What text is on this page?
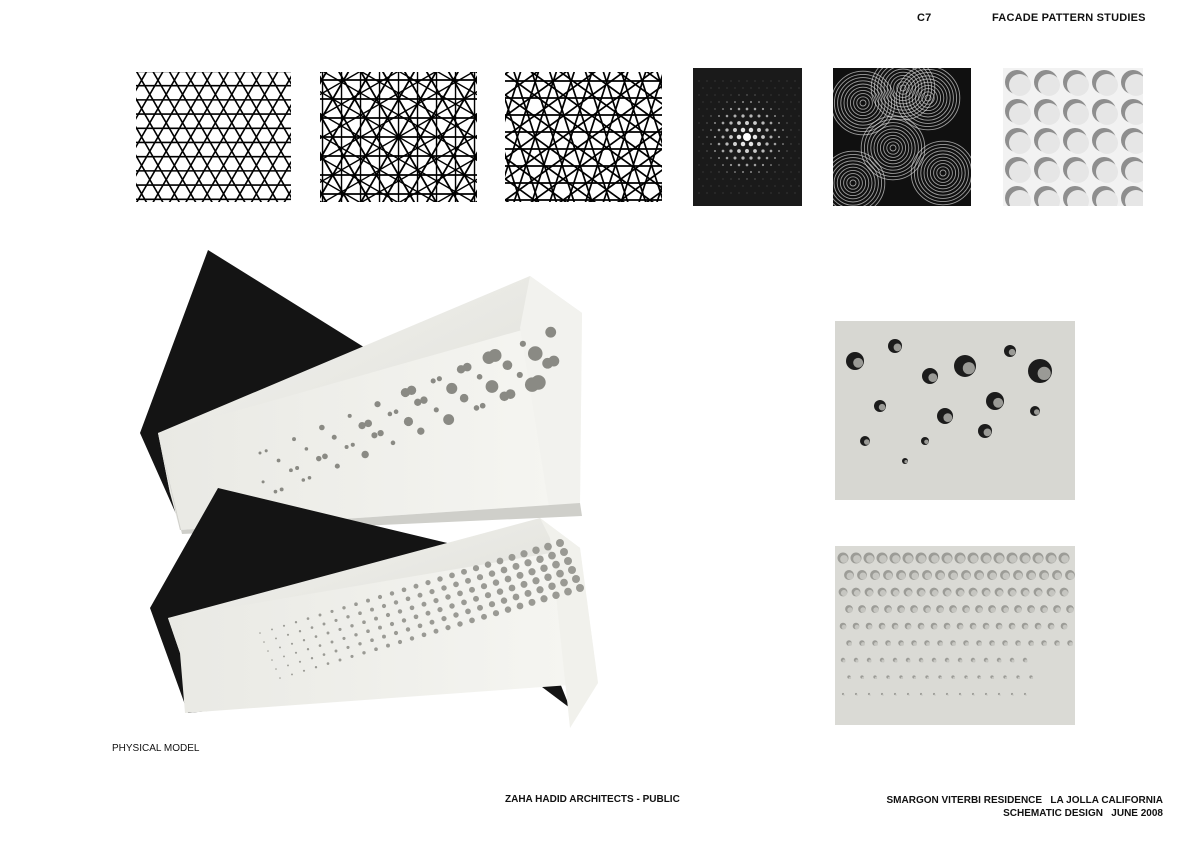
C7	FACADE PATTERN STUDIES
PHYSICAL MODEL
ZAHA HADID ARCHITECTS - PUBLIC	SMARGON VITERBI RESIDENCE   LA JOLLA CALIFORNIA
SCHEMATIC DESIGN   JUNE 2008
